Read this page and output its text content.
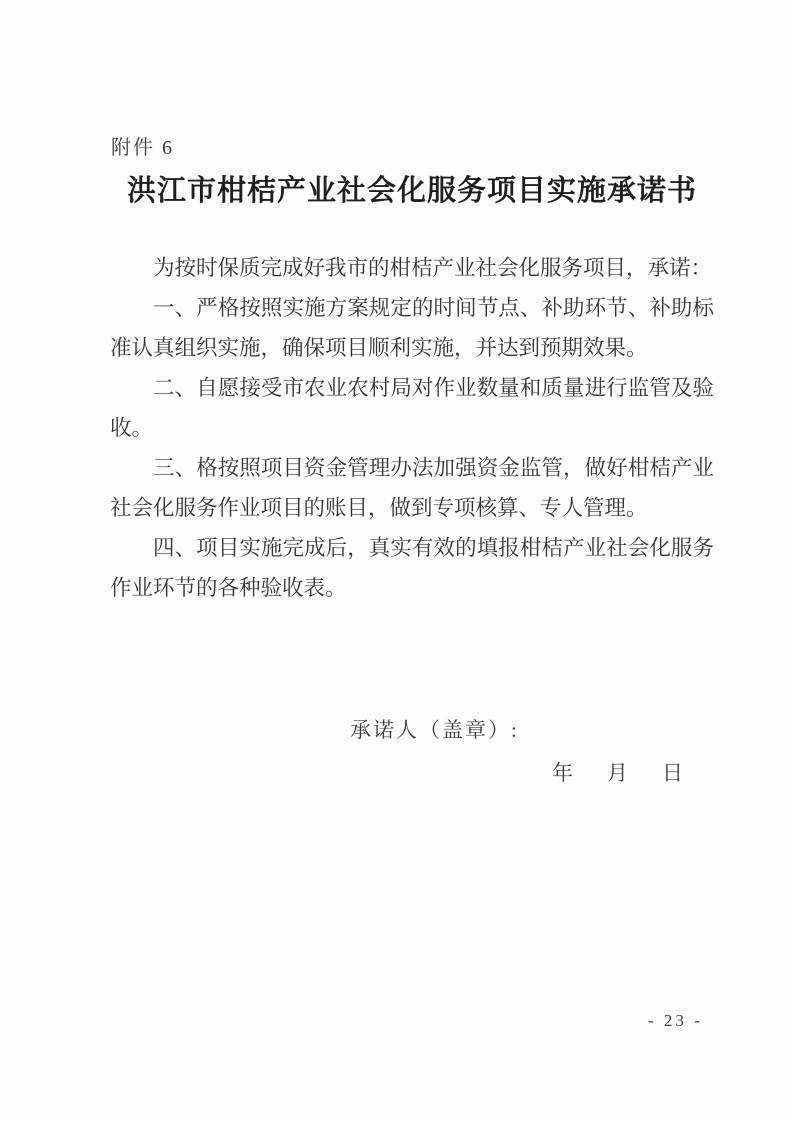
附件 6
洪江市柑桔产业社会化服务项目实施承诺书

为按时保质完成好我市的柑桔产业社会化服务项目，承诺：

一、严格按照实施方案规定的时间节点、补助环节、补助标准认真组织实施，确保项目顺利实施，并达到预期效果。

二、自愿接受市农业农村局对作业数量和质量进行监管及验收。

三、格按照项目资金管理办法加强资金监管，做好柑桔产业社会化服务作业项目的账目，做到专项核算、专人管理。

四、项目实施完成后，真实有效的填报柑桔产业社会化服务作业环节的各种验收表。

承诺人（盖章）:
年 月 日
- 23 -
